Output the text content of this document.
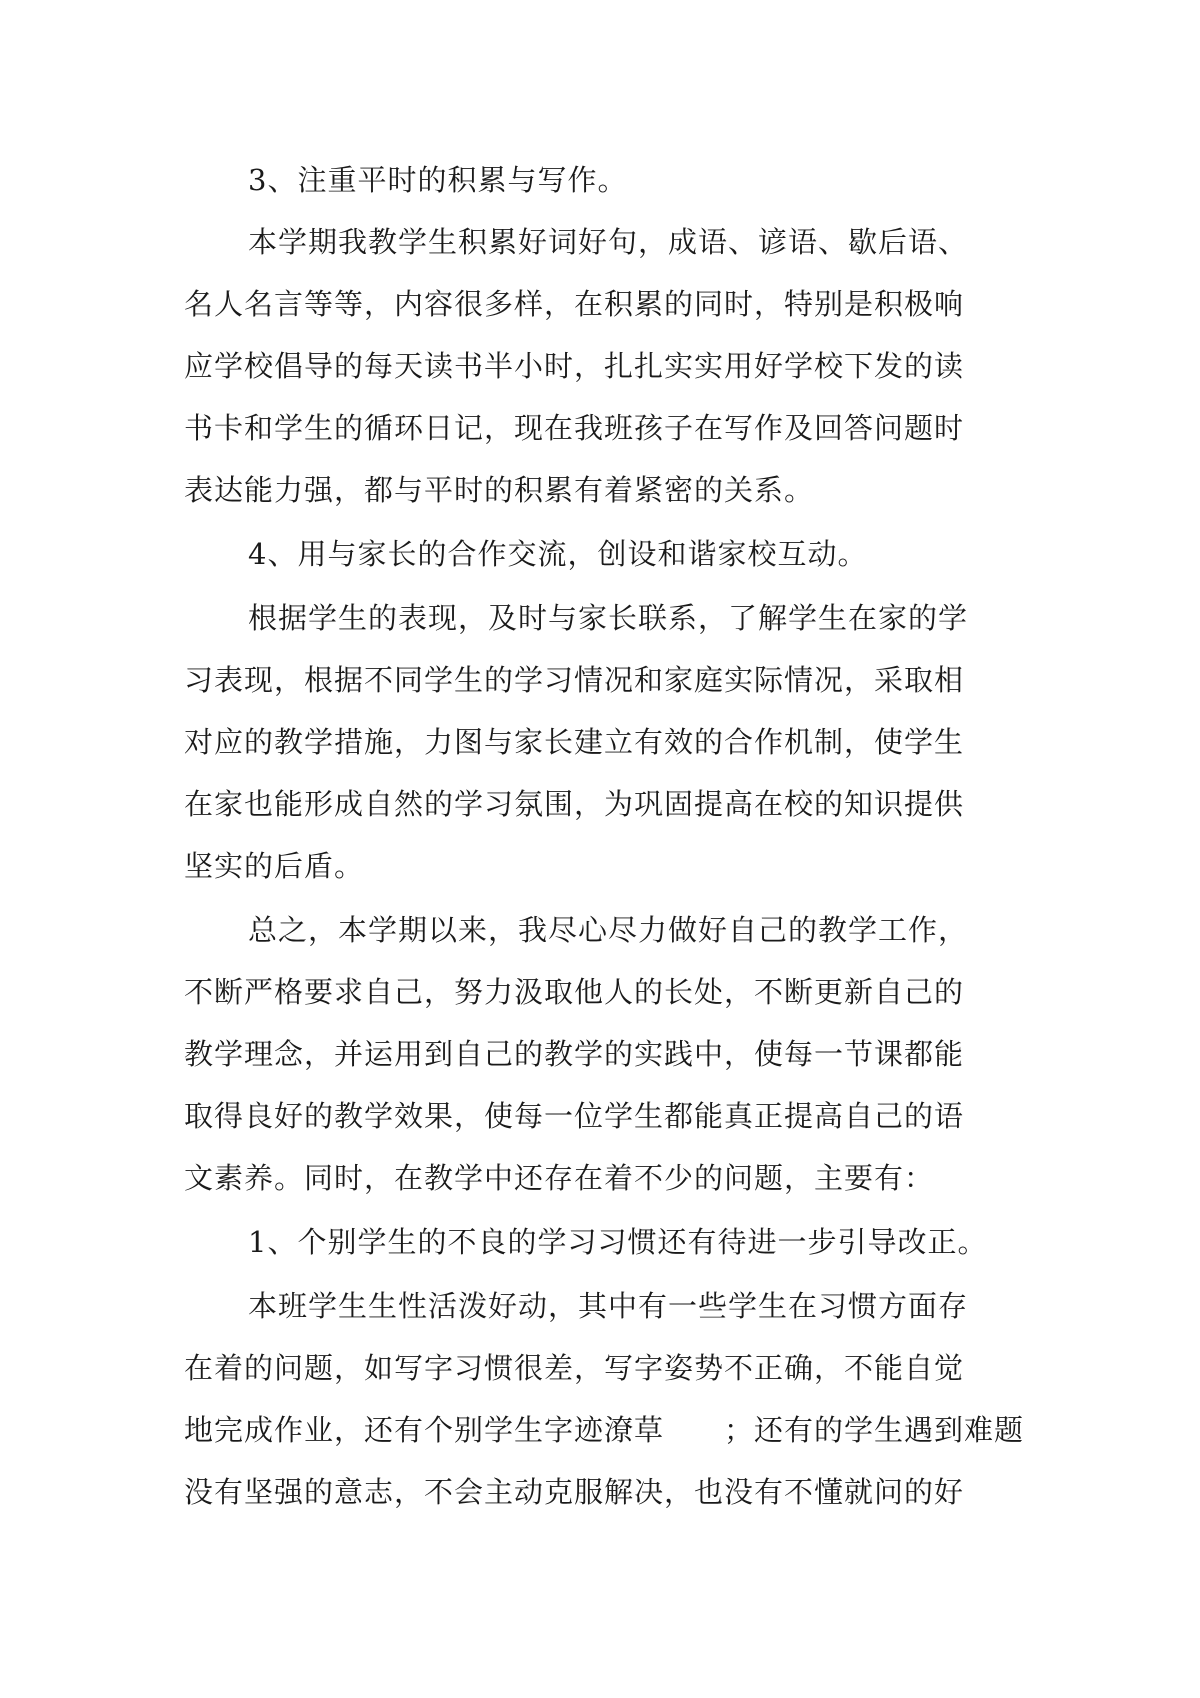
3、注重平时的积累与写作。
本学期我教学生积累好词好句，成语、谚语、歇后语、
名人名言等等，内容很多样，在积累的同时，特别是积极响
应学校倡导的每天读书半小时，扎扎实实用好学校下发的读
书卡和学生的循环日记，现在我班孩子在写作及回答问题时
表达能力强，都与平时的积累有着紧密的关系。
4、用与家长的合作交流，创设和谐家校互动。
根据学生的表现，及时与家长联系，了解学生在家的学
习表现，根据不同学生的学习情况和家庭实际情况，采取相
对应的教学措施，力图与家长建立有效的合作机制，使学生
在家也能形成自然的学习氛围，为巩固提高在校的知识提供
坚实的后盾。
总之，本学期以来，我尽心尽力做好自己的教学工作，
不断严格要求自己，努力汲取他人的长处，不断更新自己的
教学理念，并运用到自己的教学的实践中，使每一节课都能
取得良好的教学效果，使每一位学生都能真正提高自己的语
文素养。同时，在教学中还存在着不少的问题，主要有：
1、个别学生的不良的学习习惯还有待进一步引导改正。
本班学生生性活泼好动，其中有一些学生在习惯方面存
在着的问题，如写字习惯很差，写字姿势不正确，不能自觉
地完成作业，还有个别学生字迹潦草 ；还有的学生遇到难题
没有坚强的意志，不会主动克服解决，也没有不懂就问的好
